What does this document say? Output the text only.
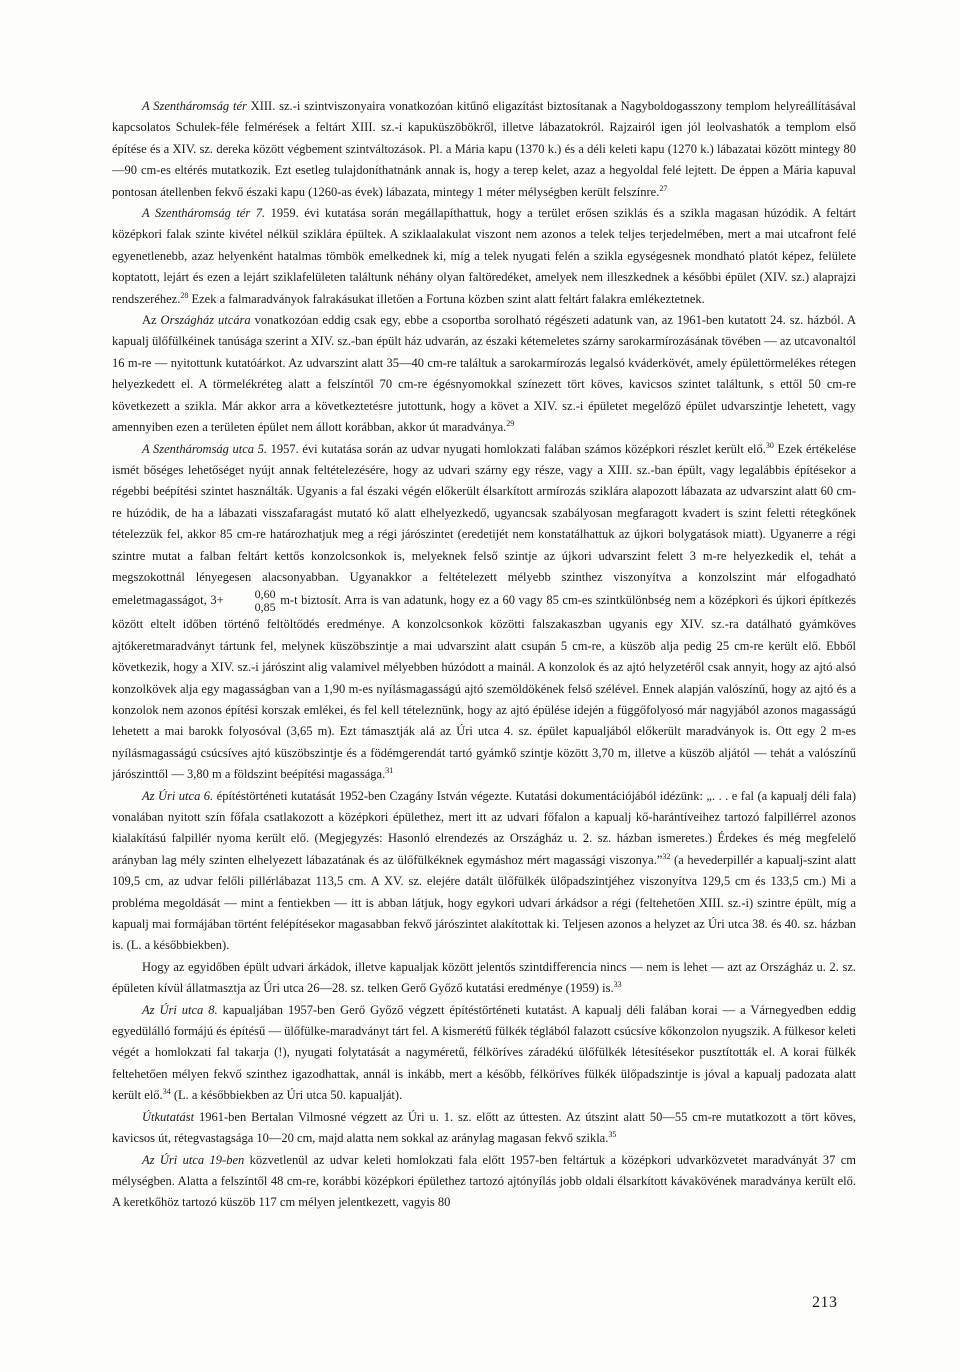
A Szentháromság tér XIII. sz.-i szintviszonyaira vonatkozóan kitűnő eligazítást biztosítanak a Nagyboldogasszony templom helyreállításával kapcsolatos Schulek-féle felmérések a feltárt XIII. sz.-i kapuküszöbökről, illetve lábazatokról. Rajzairól igen jól leolvashatók a templom első építése és a XIV. sz. dereka között végbement szintváltozások. Pl. a Mária kapu (1370 k.) és a déli keleti kapu (1270 k.) lábazatai között mintegy 80—90 cm-es eltérés mutatkozik. Ezt esetleg tulajdoníthatnánk annak is, hogy a terep kelet, azaz a hegyoldal felé lejtett. De éppen a Mária kapuval pontosan átellenben fekvő északi kapu (1260-as évek) lábazata, mintegy 1 méter mélységben került felszínre.$^{27}$

A Szentháromság tér 7. 1959. évi kutatása során megállapíthattuk, hogy a terület erősen sziklás és a szikla magasan húzódik. A feltárt középkori falak szinte kivétel nélkül sziklára épültek. A sziklaalakulat viszont nem azonos a telek teljes terjedelmében, mert a mai utcafront felé egyenetlenebb, azaz helyenként hatalmas tömbök emelkednek ki, míg a telek nyugati felén a szikla egységesnek mondható platót képez, felülete koptatott, lejárt és ezen a lejárt sziklafelületen találtunk néhány olyan faltöredéket, amelyek nem illeszkednek a későbbi épület (XIV. sz.) alaprajzi rendszeréhez.$^{28}$ Ezek a falmaradványok falrakásukat illetően a Fortuna közben szint alatt feltárt falakra emlékeztetnek.

Az Országház utcára vonatkozóan eddig csak egy, ebbe a csoportba sorolható régészeti adatunk van, az 1961-ben kutatott 24. sz. házból. A kapualj ülőfülkéinek tanúsága szerint a XIV. sz.-ban épült ház udvarán, az északi kétemeletes szárny sarokarmírozásának tövében — az utcavonaltól 16 m-re — nyitottunk kutatóárkot. Az udvarszint alatt 35—40 cm-re találtuk a sarokarmírozás legalsó kváderkövét, amely épülettörmelékes rétegen helyezkedett el. A törmelékréteg alatt a felszíntől 70 cm-re égésnyomokkal színezett tört köves, kavicsos szintet találtunk, s ettől 50 cm-re következett a szikla. Már akkor arra a következtetésre jutottunk, hogy a követ a XIV. sz.-i épületet megelőző épület udvarszintje lehetett, vagy amennyiben ezen a területen épület nem állott korábban, akkor út maradványa.$^{29}$

A Szentháromság utca 5. 1957. évi kutatása során az udvar nyugati homlokzati falában számos középkori részlet került elő.$^{30}$ Ezek értékelése ismét bőséges lehetőséget nyújt annak feltételezésére, hogy az udvari szárny egy része, vagy a XIII. sz.-ban épült, vagy legalábbis építésekor a régebbi beépítési szintet használták. Ugyanis a fal északi végén előkerült élsarkított armírozás sziklára alapozott lábazata az udvarszint alatt 60 cm-re húzódik, de ha a lábazati visszafaragást mutató kő alatt elhelyezkedő, ugyancsak szabályosan megfaragott kvadert is szint feletti rétegkőnek tételezzük fel, akkor 85 cm-re határozhatjuk meg a régi járószintet (eredetijét nem konstatálhattuk az újkori bolygatások miatt). Ugyanerre a régi szintre mutat a falban feltárt kettős konzolcsonkok is, melyeknek felső szintje az újkori udvarszint felett 3 m-re helyezkedik el, tehát a megszokottnál lényegesen alacsonyabban. Ugyanakkor a feltételezett mélyebb szinthez viszonyítva a konzolszint már elfogadható emeletmagasságot, 3+	0,60
0,85
m-t biztosít. Arra is van adatunk, hogy ez a 60 vagy 85 cm-es szintkülönbség nem a középkori és újkori építkezés között eltelt időben történő feltöltődés eredménye. A konzolcsonkok közötti falszakaszban ugyanis egy XIV. sz.-ra datálható gyámköves ajtókeretmaradványt tártunk fel, melynek küszöbszintje a mai udvarszint alatt csupán 5 cm-re, a küszöb alja pedig 25 cm-re került elő. Ebből következik, hogy a XIV. sz.-i járószint alig valamivel mélyebben húzódott a mainál. A konzolok és az ajtó helyzetéről csak annyit, hogy az ajtó alsó konzolkövek alja egy magasságban van a 1,90 m-es nyílásmagasságú ajtó szemöldökének felső szélével. Ennek alapján valószínű, hogy az ajtó és a konzolok nem azonos építési korszak emlékei, és fel kell tételeznünk, hogy az ajtó épülése idején a függőfolyosó már nagyjából azonos magasságú lehetett a mai barokk folyosóval (3,65 m). Ezt támasztják alá az Úri utca 4. sz. épület kapualjából előkerült maradványok is. Ott egy 2 m-es nyílásmagasságú csúcsíves ajtó küszöbszintje és a födémgerendát tartó gyámkő szintje között 3,70 m, illetve a küszöb aljától — tehát a valószínű járószinttől — 3,80 m a földszint beépítési magassága.$^{31}$

Az Úri utca 6. építéstörténeti kutatását 1952-ben Czagány István végezte. Kutatási dokumentációjából idézünk: „. . . e fal (a kapualj déli fala) vonalában nyitott szín főfala csatlakozott a középkori épülethez, mert itt az udvari főfalon a kapualj kő-harántíveihez tartozó falpillérrel azonos kialakítású falpillér nyoma került elő. (Megjegyzés: Hasonló elrendezés az Országház u. 2. sz. házban ismeretes.) Érdekes és még megfelelő arányban lag mély szinten elhelyezett lábazatának és az ülőfülkéknek egymáshoz mért magassági viszonya.”$^{32}$ (a hevederpillér a kapualj-szint alatt 109,5 cm, az udvar felőli pillérlábazat 113,5 cm. A XV. sz. elejére datált ülőfülkék ülőpadszintjéhez viszonyítva 129,5 cm és 133,5 cm.) Mi a probléma megoldását — mint a fentiekben — itt is abban látjuk, hogy egykori udvari árkádsor a régi (feltehetően XIII. sz.-i) szintre épült, míg a kapualj mai formájában történt felépítésekor magasabban fekvő járószintet alakítottak ki. Teljesen azonos a helyzet az Úri utca 38. és 40. sz. házban is. (L. a későbbiekben).

Hogy az egyidőben épült udvari árkádok, illetve kapualjak között jelentős szintdifferencia nincs — nem is lehet — azt az Országház u. 2. sz. épületen kívül állatmasztja az Úri utca 26—28. sz. telken Gerő Győző kutatási eredménye (1959) is.$^{33}$

Az Úri utca 8. kapualjában 1957-ben Gerő Győző végzett építéstörténeti kutatást. A kapualj déli falában korai — a Várnegyedben eddig egyedülálló formájú és építésű — ülőfülke-maradványt tárt fel. A kismerétű fülkék téglából falazott csúcsíve kőkonzolon nyugszik. A fülkesor keleti végét a homlokzati fal takarja (!), nyugati folytatását a nagyméretű, félköríves záradékú ülőfülkék létesítésekor pusztították el. A korai fülkék feltehetően mélyen fekvő szinthez igazodhattak, annál is inkább, mert a később, félköríves fülkék ülőpadszintje is jóval a kapualj padozata alatt került elő.$^{34}$ (L. a későbbiekben az Úri utca 50. kapualját).

Útkutatást 1961-ben Bertalan Vilmosné végzett az Úri u. 1. sz. előtt az úttesten. Az útszint alatt 50—55 cm-re mutatkozott a tört köves, kavicsos út, rétegvastagsága 10—20 cm, majd alatta nem sokkal az aránylag magasan fekvő szikla.$^{35}$

Az Úri utca 19-ben közvetlenül az udvar keleti homlokzati fala előtt 1957-ben feltártuk a középkori udvarközvetet maradványát 37 cm mélységben. Alatta a felszíntől 48 cm-re, korábbi középkori épülethez tartozó ajtónyílás jobb oldali élsarkított kávakövének maradványa került elő. A keretkőhöz tartozó küszöb 117 cm mélyen jelentkezett, vagyis 80

213
